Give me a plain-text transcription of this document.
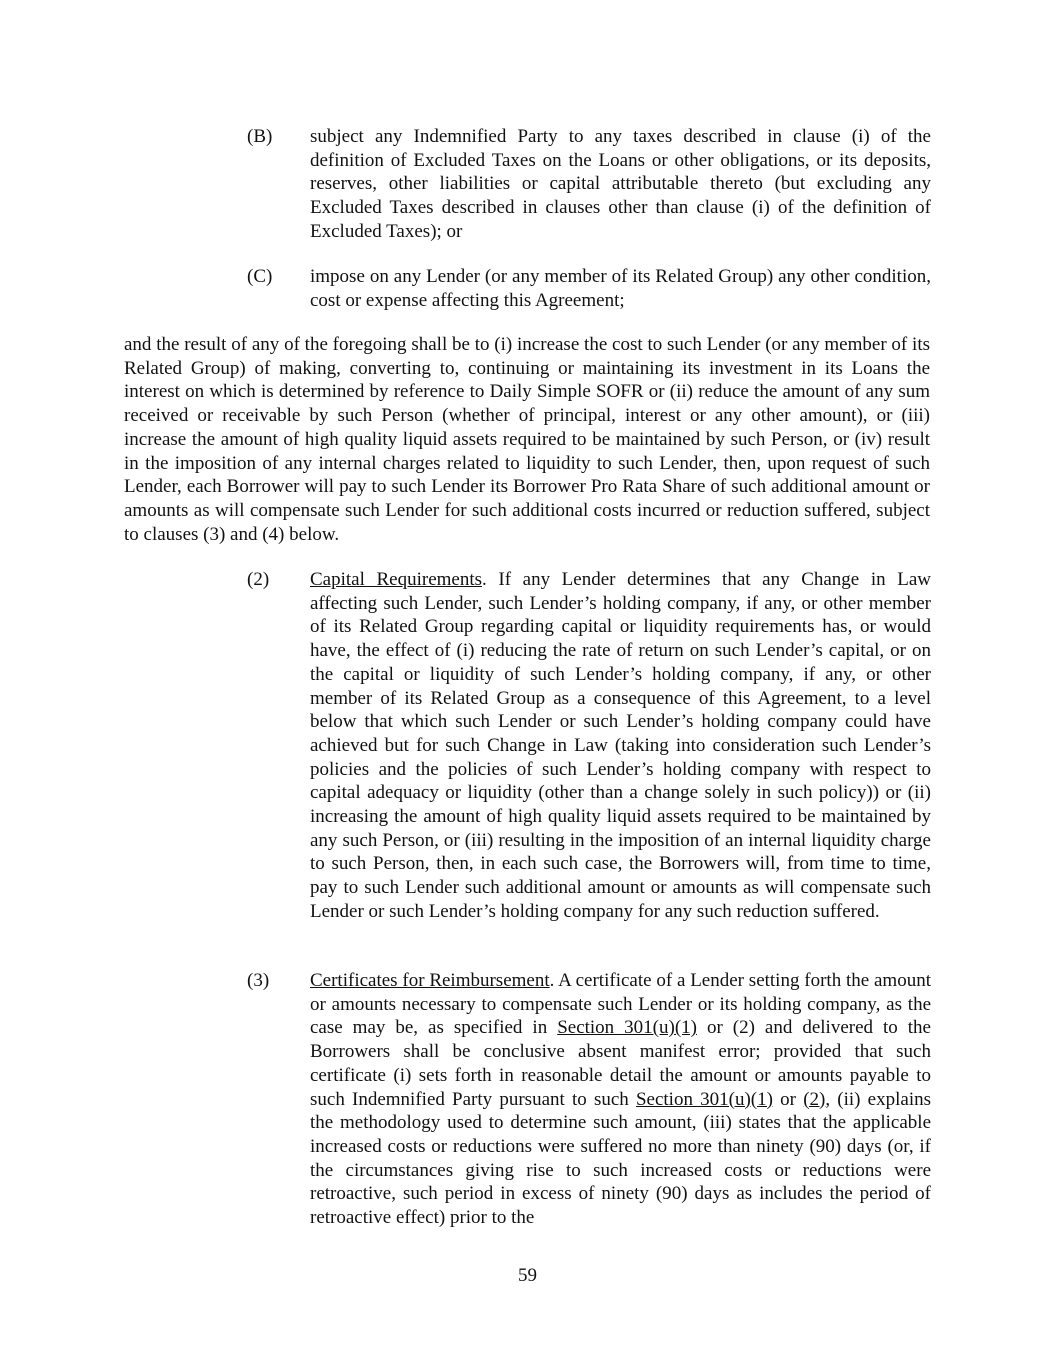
(B) subject any Indemnified Party to any taxes described in clause (i) of the definition of Excluded Taxes on the Loans or other obligations, or its deposits, reserves, other liabilities or capital attributable thereto (but excluding any Excluded Taxes described in clauses other than clause (i) of the definition of Excluded Taxes); or
(C) impose on any Lender (or any member of its Related Group) any other condition, cost or expense affecting this Agreement;
and the result of any of the foregoing shall be to (i) increase the cost to such Lender (or any member of its Related Group) of making, converting to, continuing or maintaining its investment in its Loans the interest on which is determined by reference to Daily Simple SOFR or (ii) reduce the amount of any sum received or receivable by such Person (whether of principal, interest or any other amount), or (iii) increase the amount of high quality liquid assets required to be maintained by such Person, or (iv) result in the imposition of any internal charges related to liquidity to such Lender, then, upon request of such Lender, each Borrower will pay to such Lender its Borrower Pro Rata Share of such additional amount or amounts as will compensate such Lender for such additional costs incurred or reduction suffered, subject to clauses (3) and (4) below.
(2) Capital Requirements. If any Lender determines that any Change in Law affecting such Lender, such Lender’s holding company, if any, or other member of its Related Group regarding capital or liquidity requirements has, or would have, the effect of (i) reducing the rate of return on such Lender’s capital, or on the capital or liquidity of such Lender’s holding company, if any, or other member of its Related Group as a consequence of this Agreement, to a level below that which such Lender or such Lender’s holding company could have achieved but for such Change in Law (taking into consideration such Lender’s policies and the policies of such Lender’s holding company with respect to capital adequacy or liquidity (other than a change solely in such policy)) or (ii) increasing the amount of high quality liquid assets required to be maintained by any such Person, or (iii) resulting in the imposition of an internal liquidity charge to such Person, then, in each such case, the Borrowers will, from time to time, pay to such Lender such additional amount or amounts as will compensate such Lender or such Lender’s holding company for any such reduction suffered.
(3) Certificates for Reimbursement. A certificate of a Lender setting forth the amount or amounts necessary to compensate such Lender or its holding company, as the case may be, as specified in Section 301(u)(1) or (2) and delivered to the Borrowers shall be conclusive absent manifest error; provided that such certificate (i) sets forth in reasonable detail the amount or amounts payable to such Indemnified Party pursuant to such Section 301(u)(1) or (2), (ii) explains the methodology used to determine such amount, (iii) states that the applicable increased costs or reductions were suffered no more than ninety (90) days (or, if the circumstances giving rise to such increased costs or reductions were retroactive, such period in excess of ninety (90) days as includes the period of retroactive effect) prior to the
59
